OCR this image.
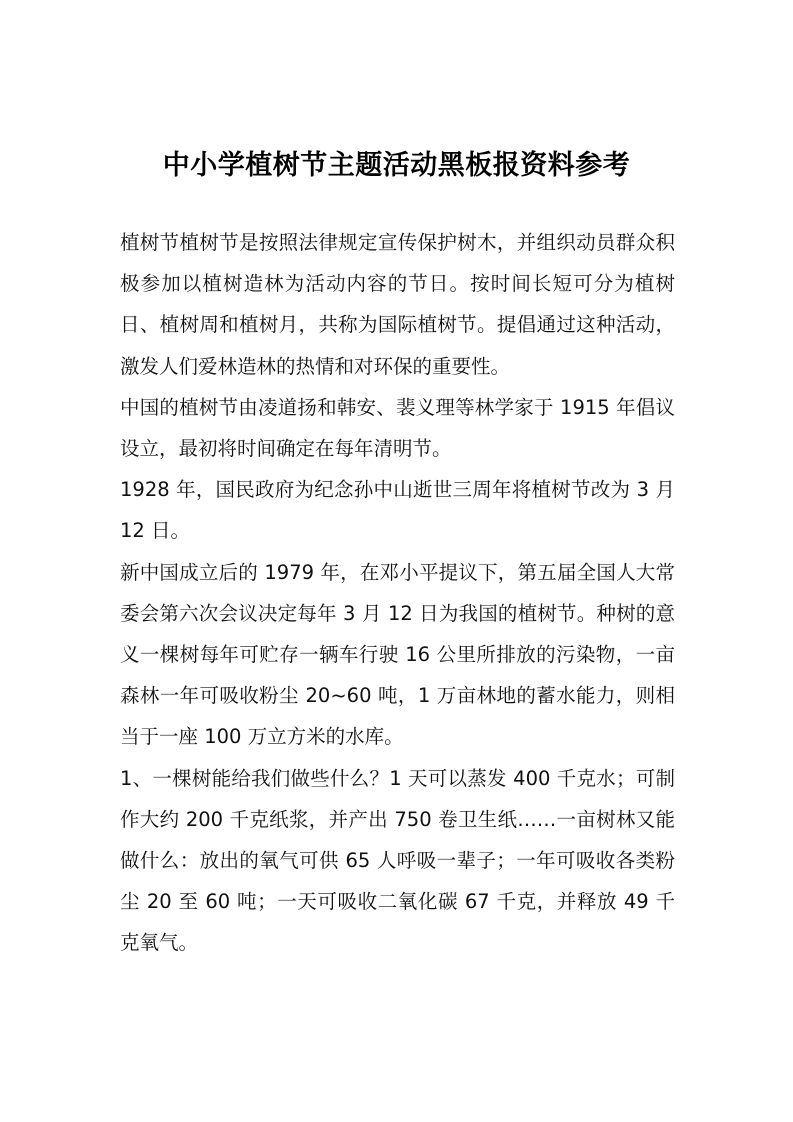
中小学植树节主题活动黑板报资料参考

植树节植树节是按照法律规定宣传保护树木，并组织动员群众积极参加以植树造林为活动内容的节日。按时间长短可分为植树日、植树周和植树月，共称为国际植树节。提倡通过这种活动，激发人们爱林造林的热情和对环保的重要性。

中国的植树节由凌道扬和韩安、裴义理等林学家于 1915 年倡议设立，最初将时间确定在每年清明节。

1928 年，国民政府为纪念孙中山逝世三周年将植树节改为 3 月 12 日。

新中国成立后的 1979 年，在邓小平提议下，第五届全国人大常委会第六次会议决定每年 3 月 12 日为我国的植树节。种树的意义一棵树每年可贮存一辆车行驶 16 公里所排放的污染物，一亩森林一年可吸收粉尘 20~60 吨，1 万亩林地的蓄水能力，则相当于一座 100 万立方米的水库。

1、一棵树能给我们做些什么？1 天可以蒸发 400 千克水；可制作大约 200 千克纸浆，并产出 750 卷卫生纸……一亩树林又能做什么：放出的氧气可供 65 人呼吸一辈子；一年可吸收各类粉尘 20 至 60 吨；一天可吸收二氧化碳 67 千克，并释放 49 千克氧气。
